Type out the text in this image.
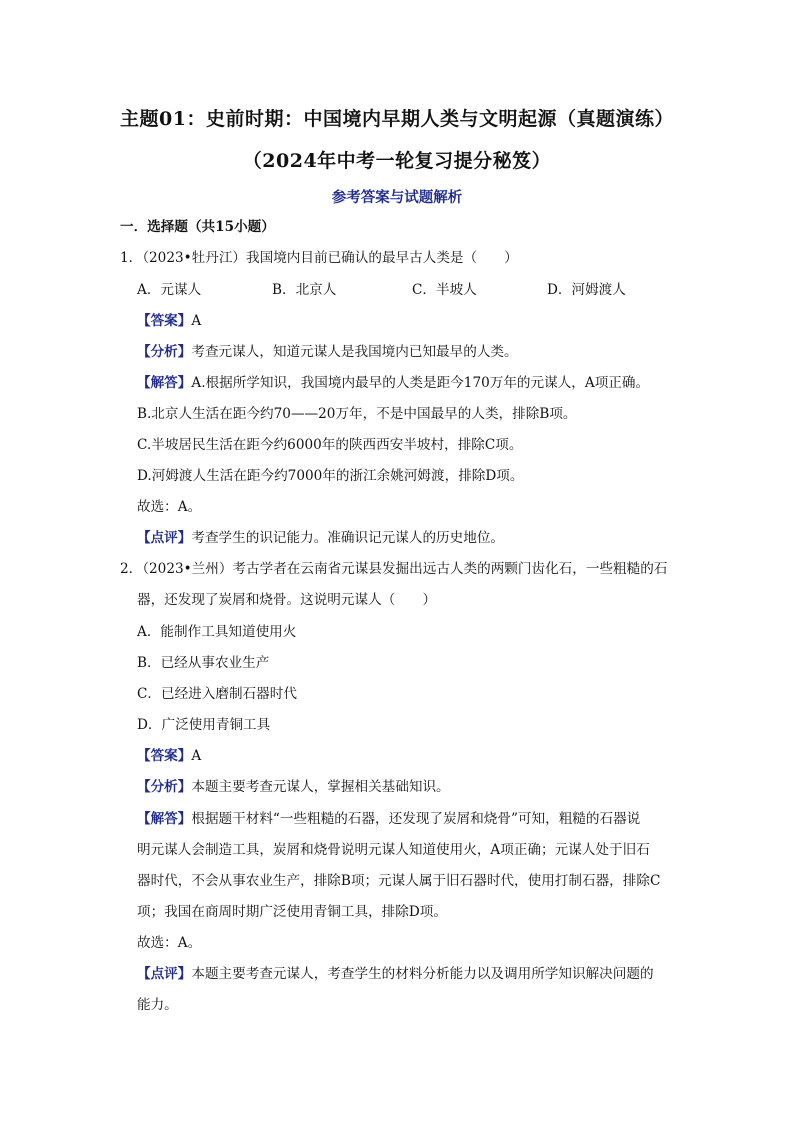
主题01：史前时期：中国境内早期人类与文明起源（真题演练）
（2024年中考一轮复习提分秘笈）
参考答案与试题解析
一．选择题（共15小题）
1．（2023•牡丹江）我国境内目前已确认的最早古人类是（　　）
A．元谋人	B．北京人	C．半坡人	D．河姆渡人
【答案】A
【分析】考查元谋人，知道元谋人是我国境内已知最早的人类。
【解答】A.根据所学知识，我国境内最早的人类是距今170万年的元谋人，A项正确。
B.北京人生活在距今约70——20万年，不是中国最早的人类，排除B项。
C.半坡居民生活在距今约6000年的陕西西安半坡村，排除C项。
D.河姆渡人生活在距今约7000年的浙江余姚河姆渡，排除D项。
故选：A。
【点评】考查学生的识记能力。准确识记元谋人的历史地位。
2．（2023•兰州）考古学者在云南省元谋县发掘出远古人类的两颗门齿化石，一些粗糙的石
器，还发现了炭屑和烧骨。这说明元谋人（　　）
A．能制作工具知道使用火
B．已经从事农业生产
C．已经进入磨制石器时代
D．广泛使用青铜工具
【答案】A
【分析】本题主要考查元谋人，掌握相关基础知识。
【解答】根据题干材料“一些粗糙的石器，还发现了炭屑和烧骨”可知，粗糙的石器说
明元谋人会制造工具，炭屑和烧骨说明元谋人知道使用火，A项正确；元谋人处于旧石
器时代，不会从事农业生产，排除B项；元谋人属于旧石器时代，使用打制石器，排除C
项；我国在商周时期广泛使用青铜工具，排除D项。
故选：A。
【点评】本题主要考查元谋人，考查学生的材料分析能力以及调用所学知识解决问题的
能力。
